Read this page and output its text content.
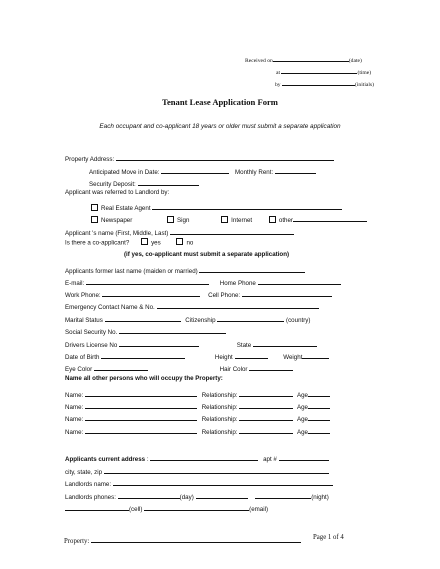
Received on	(date)
at	(time)
by	(initials)
Tenant Lease Application Form
Each occupant and co-applicant 18 years or older must submit a separate application
Property Address:
Anticipated Move in Date:	Monthly Rent:
Security Deposit:
Applicant was referred to Landlord by:
Real Estate Agent
Newspaper	Sign	Internet	other
Applicant 's name (First, Middle, Last)
Is there a co-applicant?	yes	no
(if yes, co-applicant must submit a separate application)
Applicants former last name (maiden or married)
E-mail:	Home Phone
Work Phone:	Cell Phone:
Emergency Contact Name & No.
Marital Status	Citizenship	(country)
Social Security No.
Drivers License No	State
Date of Birth	Height	Weight
Eye Color	Hair Color
Name all other persons who will occupy the Property:
Name:	Relationship:	Age
Name:	Relationship:	Age
Name:	Relationship:	Age
Name:	Relationship:	Age
Applicants current address :	apt #
city, state, zip
Landlords name:
Landlords phones:	(day)	(night)
(cell)	(email)
Property:
Page 1 of 4
